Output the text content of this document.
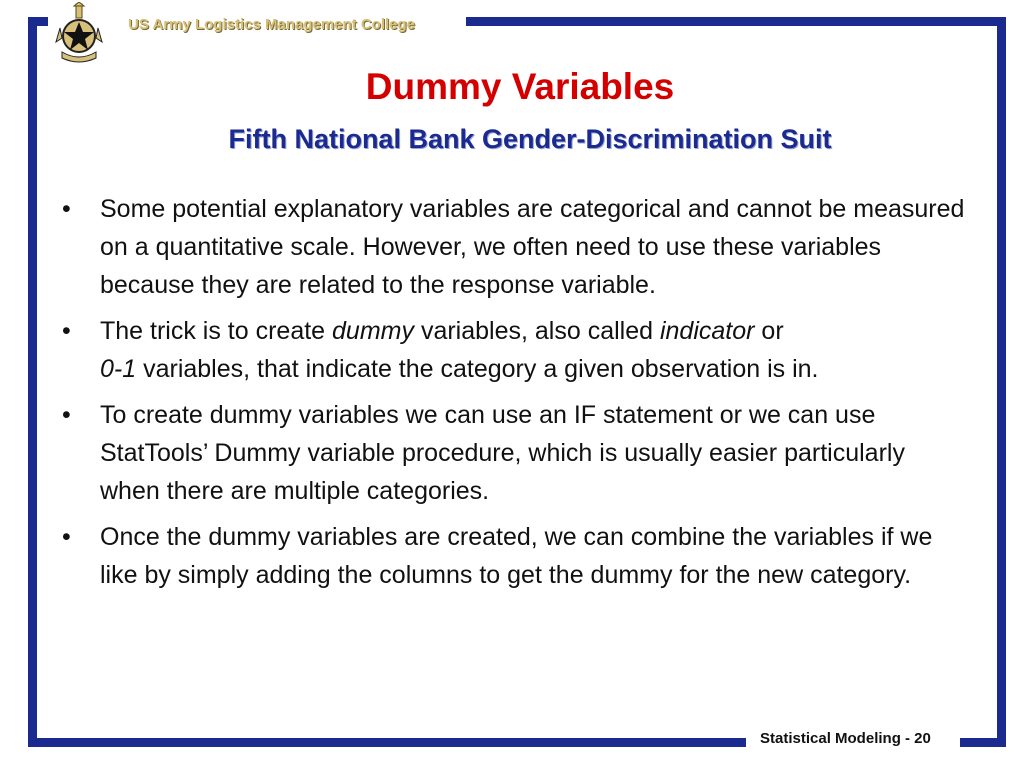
US Army Logistics Management College
Dummy Variables
Fifth National Bank Gender-Discrimination Suit
• Some potential explanatory variables are categorical and cannot be measured on a quantitative scale. However, we often need to use these variables because they are related to the response variable.
• The trick is to create dummy variables, also called indicator or
0-1 variables, that indicate the category a given observation is in.
• To create dummy variables we can use an IF statement or we can use StatTools’ Dummy variable procedure, which is usually easier particularly when there are multiple categories.
• Once the dummy variables are created, we can combine the variables if we like by simply adding the columns to get the dummy for the new category.
Statistical Modeling - 20
